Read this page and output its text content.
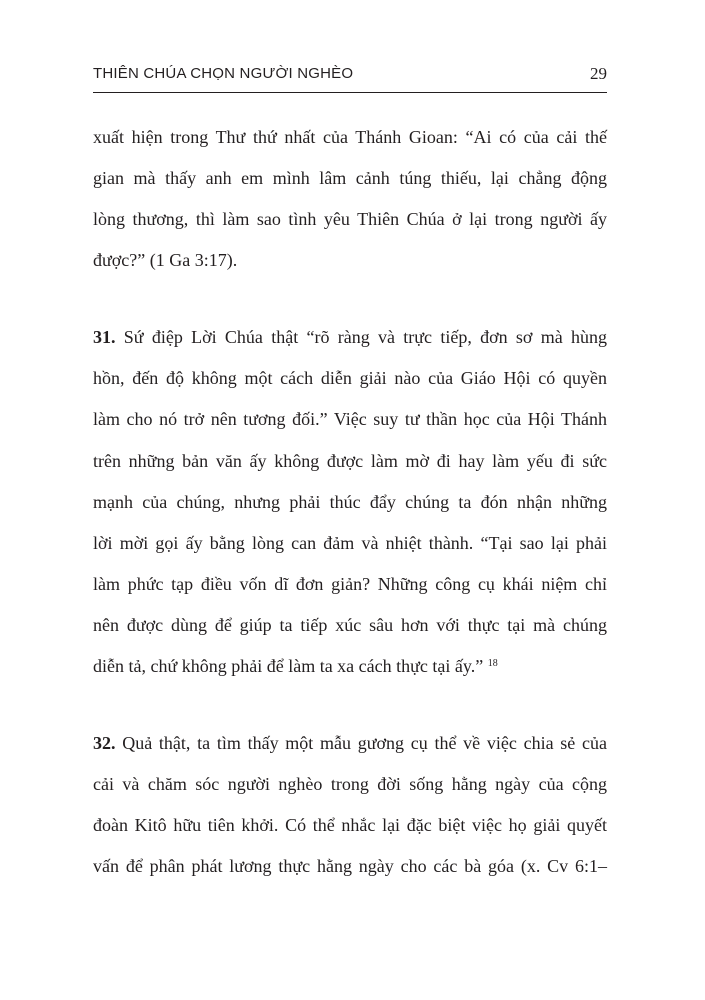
THIÊN CHÚA CHỌN NGƯỜI NGHÈO	29
xuất hiện trong Thư thứ nhất của Thánh Gioan: “Ai có của cải thế
gian mà thấy anh em mình lâm cảnh túng thiếu, lại chẳng động
lòng thương, thì làm sao tình yêu Thiên Chúa ở lại trong người ấy
được?” (1 Ga 3:17).
31. Sứ điệp Lời Chúa thật “rõ ràng và trực tiếp, đơn sơ mà hùng
hồn, đến độ không một cách diễn giải nào của Giáo Hội có quyền
làm cho nó trở nên tương đối.” Việc suy tư thần học của Hội Thánh
trên những bản văn ấy không được làm mờ đi hay làm yếu đi sức
mạnh của chúng, nhưng phải thúc đẩy chúng ta đón nhận những
lời mời gọi ấy bằng lòng can đảm và nhiệt thành. “Tại sao lại phải
làm phức tạp điều vốn dĩ đơn giản? Những công cụ khái niệm chỉ
nên được dùng để giúp ta tiếp xúc sâu hơn với thực tại mà chúng
diễn tả, chứ không phải để làm ta xa cách thực tại ấy.” $^{18}$
32. Quả thật, ta tìm thấy một mẫu gương cụ thể về việc chia sẻ của
cải và chăm sóc người nghèo trong đời sống hằng ngày của cộng
đoàn Kitô hữu tiên khởi. Có thể nhắc lại đặc biệt việc họ giải quyết
vấn để phân phát lương thực hằng ngày cho các bà góa (x. Cv 6:1–
